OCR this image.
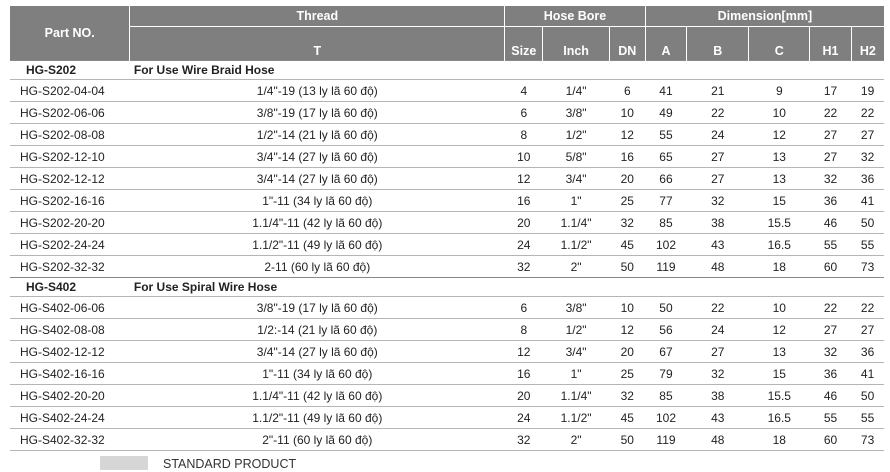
Part NO.	Thread	Hose Bore			Dimension[mm]				
	T	Size	Inch	DN	A	B	C	H1	H2
HG-S202	For Use Wire Braid Hose								
HG-S202-04-04	1/4"-19 (13 ly lã 60 độ)	4	1/4"	6	41	21	9	17	19
HG-S202-06-06	3/8"-19 (17 ly lã 60 độ)	6	3/8"	10	49	22	10	22	22
HG-S202-08-08	1/2"-14 (21 ly lã 60 độ)	8	1/2"	12	55	24	12	27	27
HG-S202-12-10	3/4"-14 (27 ly lã 60 độ)	10	5/8"	16	65	27	13	27	32
HG-S202-12-12	3/4"-14 (27 ly lã 60 độ)	12	3/4"	20	66	27	13	32	36
HG-S202-16-16	1"-11 (34 ly lã 60 độ)	16	1"	25	77	32	15	36	41
HG-S202-20-20	1.1/4"-11 (42 ly lã 60 độ)	20	1.1/4"	32	85	38	15.5	46	50
HG-S202-24-24	1.1/2"-11 (49 ly lã 60 độ)	24	1.1/2"	45	102	43	16.5	55	55
HG-S202-32-32	2-11 (60 ly lã 60 độ)	32	2"	50	119	48	18	60	73
HG-S402	For Use Spiral Wire Hose								
HG-S402-06-06	3/8"-19 (17 ly lã 60 độ)	6	3/8"	10	50	22	10	22	22
HG-S402-08-08	1/2:-14 (21 ly lã 60 độ)	8	1/2"	12	56	24	12	27	27
HG-S402-12-12	3/4"-14 (27 ly lã 60 độ)	12	3/4"	20	67	27	13	32	36
HG-S402-16-16	1"-11 (34 ly lã 60 độ)	16	1"	25	79	32	15	36	41
HG-S402-20-20	1.1/4"-11 (42 ly lã 60 độ)	20	1.1/4"	32	85	38	15.5	46	50
HG-S402-24-24	1.1/2"-11 (49 ly lã 60 độ)	24	1.1/2"	45	102	43	16.5	55	55
HG-S402-32-32	2"-11 (60 ly lã 60 độ)	32	2"	50	119	48	18	60	73
STANDARD PRODUCT
